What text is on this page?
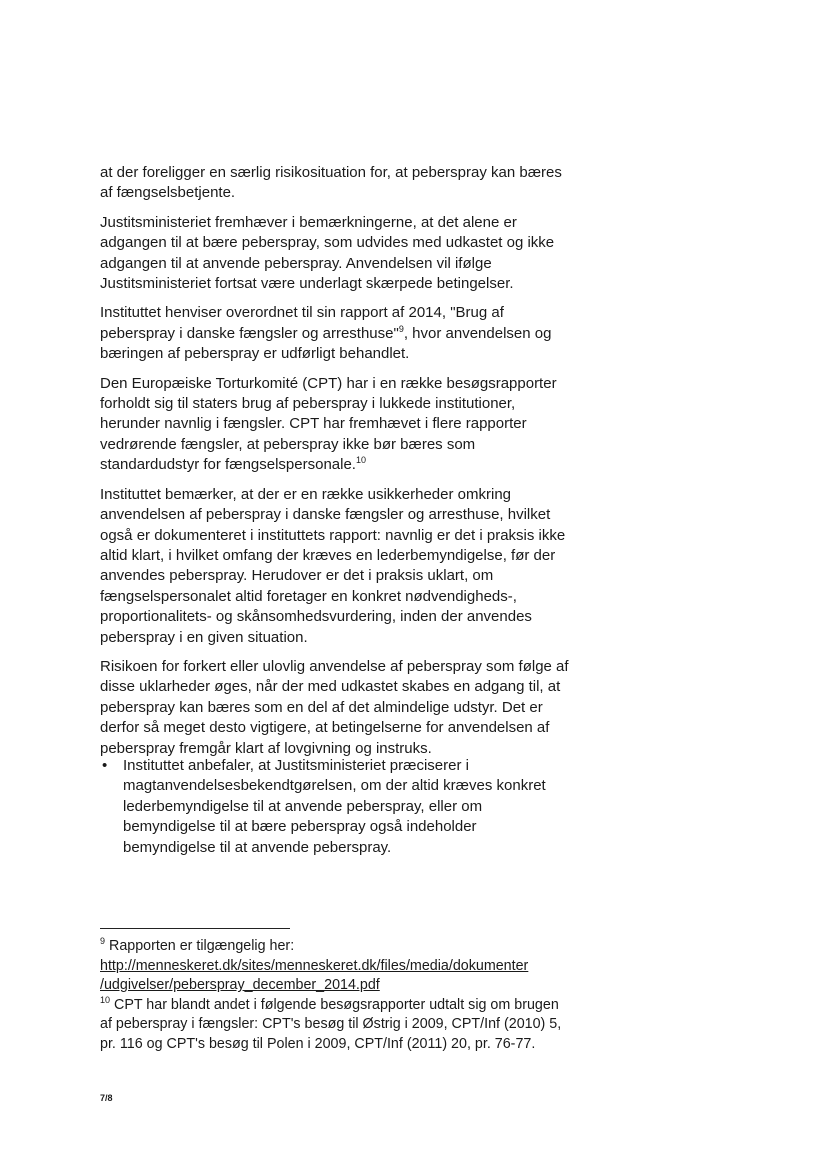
at der foreligger en særlig risikosituation for, at peberspray kan bæres af fængselsbetjente.

Justitsministeriet fremhæver i bemærkningerne, at det alene er adgangen til at bære peberspray, som udvides med udkastet og ikke adgangen til at anvende peberspray. Anvendelsen vil ifølge Justitsministeriet fortsat være underlagt skærpede betingelser.

Instituttet henviser overordnet til sin rapport af 2014, "Brug af peberspray i danske fængsler og arresthuse"$^9$, hvor anvendelsen og bæringen af peberspray er udførligt behandlet.

Den Europæiske Torturkomité (CPT) har i en række besøgsrapporter forholdt sig til staters brug af peberspray i lukkede institutioner, herunder navnlig i fængsler. CPT har fremhævet i flere rapporter vedrørende fængsler, at peberspray ikke bør bæres som standardudstyr for fængselspersonale.$^{10}$

Instituttet bemærker, at der er en række usikkerheder omkring anvendelsen af peberspray i danske fængsler og arresthuse, hvilket også er dokumenteret i instituttets rapport: navnlig er det i praksis ikke altid klart, i hvilket omfang der kræves en lederbemyndigelse, før der anvendes peberspray. Herudover er det i praksis uklart, om fængselspersonalet altid foretager en konkret nødvendigheds-, proportionalitets- og skånsomhedsvurdering, inden der anvendes peberspray i en given situation.

Risikoen for forkert eller ulovlig anvendelse af peberspray som følge af disse uklarheder øges, når der med udkastet skabes en adgang til, at peberspray kan bæres som en del af det almindelige udstyr. Det er derfor så meget desto vigtigere, at betingelserne for anvendelsen af peberspray fremgår klart af lovgivning og instruks.

• Instituttet anbefaler, at Justitsministeriet præciserer i magtanvendelsesbekendtgørelsen, om der altid kræves konkret lederbemyndigelse til at anvende peberspray, eller om bemyndigelse til at bære peberspray også indeholder bemyndigelse til at anvende peberspray.

$^9$ Rapporten er tilgængelig her:

http://menneskeret.dk/sites/menneskeret.dk/files/media/dokumenter
/udgivelser/peberspray_december_2014.pdf

$^{10}$ CPT har blandt andet i følgende besøgsrapporter udtalt sig om brugen af peberspray i fængsler: CPT's besøg til Østrig i 2009, CPT/Inf (2010) 5, pr. 116 og CPT's besøg til Polen i 2009, CPT/Inf (2011) 20, pr. 76-77.

7/8
